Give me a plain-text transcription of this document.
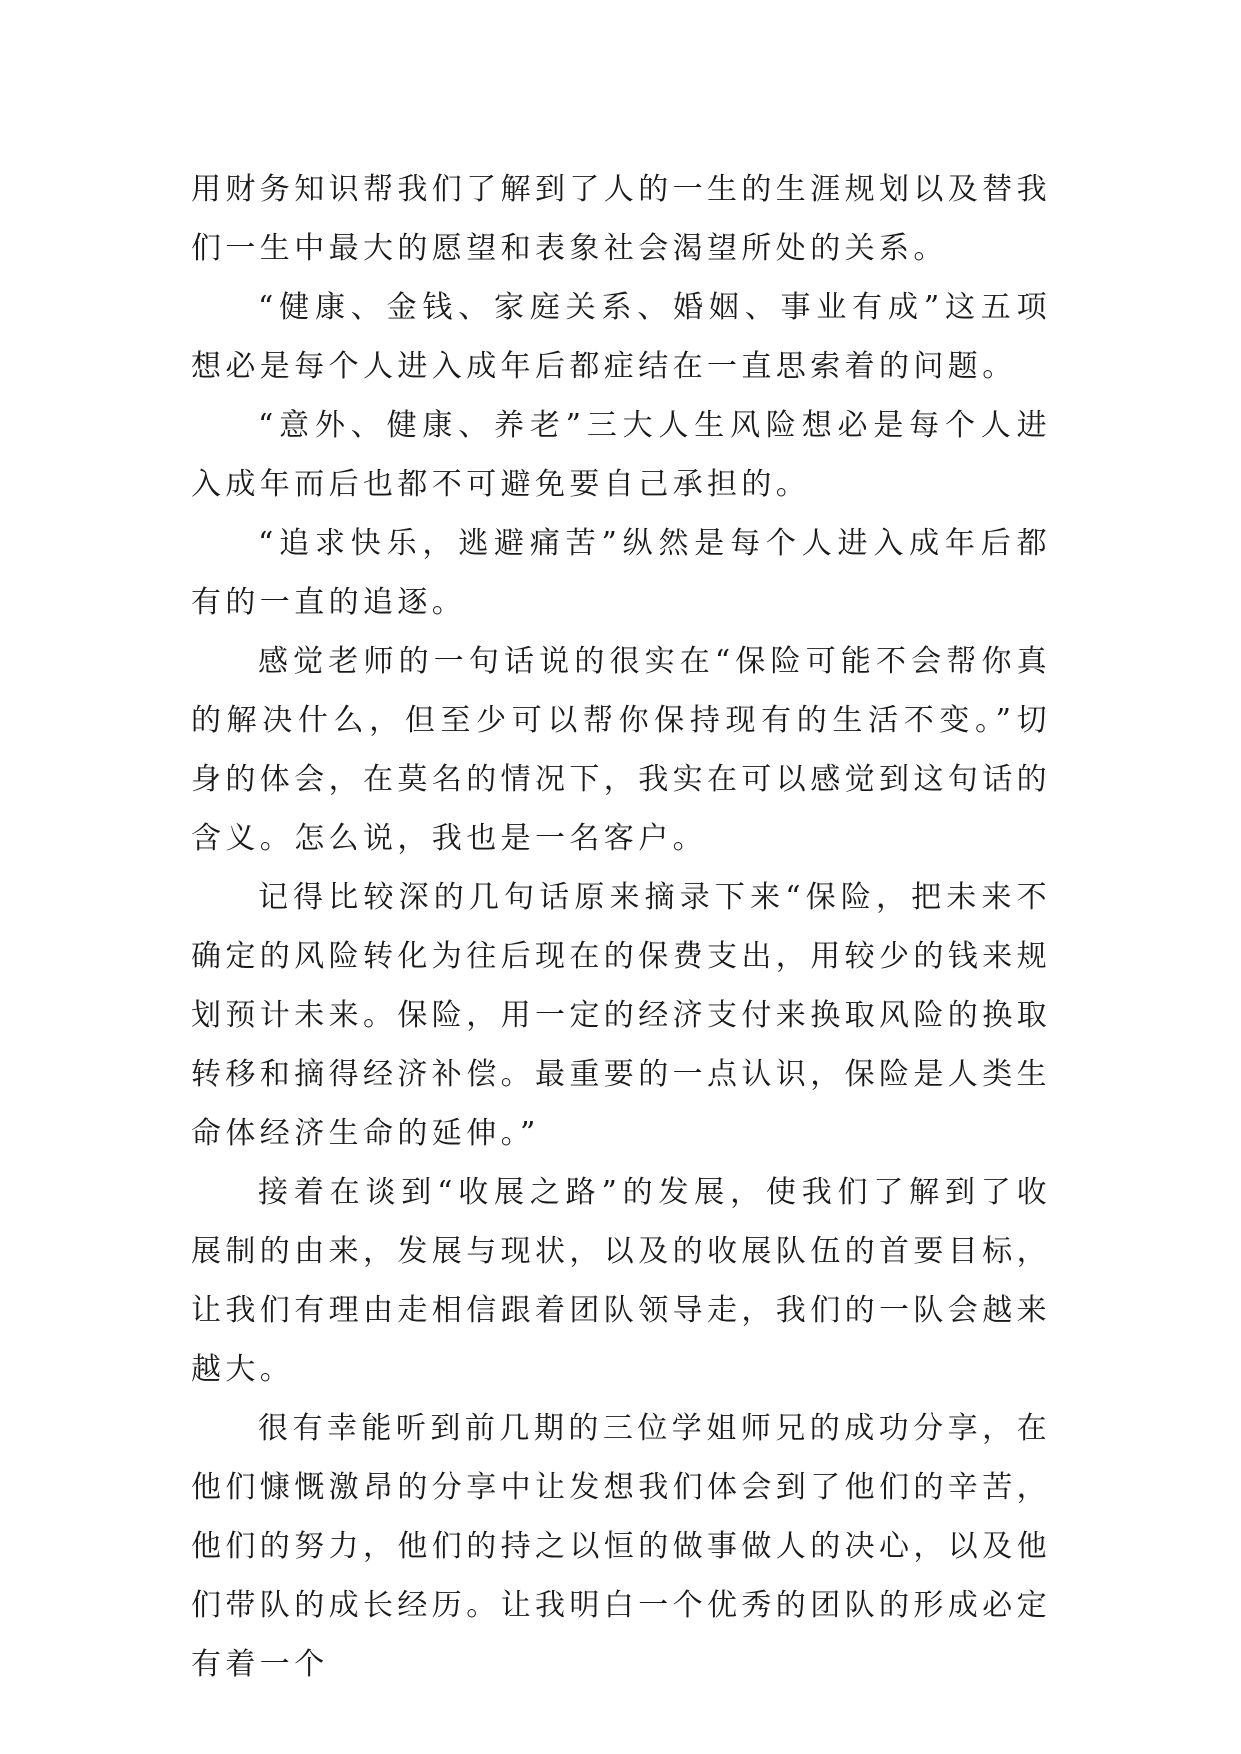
用财务知识帮我们了解到了人的一生的生涯规划以及替我们一生中最大的愿望和表象社会渴望所处的关系。

“健康、金钱、家庭关系、婚姻、事业有成”这五项想必是每个人进入成年后都症结在一直思索着的问题。

“意外、健康、养老”三大人生风险想必是每个人进入成年而后也都不可避免要自己承担的。

“追求快乐，逃避痛苦”纵然是每个人进入成年后都有的一直的追逐。

感觉老师的一句话说的很实在“保险可能不会帮你真的解决什么，但至少可以帮你保持现有的生活不变。”切身的体会，在莫名的情况下，我实在可以感觉到这句话的含义。怎么说，我也是一名客户。

记得比较深的几句话原来摘录下来“保险，把未来不确定的风险转化为往后现在的保费支出，用较少的钱来规划预计未来。保险，用一定的经济支付来换取风险的换取转移和摘得经济补偿。最重要的一点认识，保险是人类生命体经济生命的延伸。”

接着在谈到“收展之路”的发展，使我们了解到了收展制的由来，发展与现状，以及的收展队伍的首要目标，让我们有理由走相信跟着团队领导走，我们的一队会越来越大。

很有幸能听到前几期的三位学姐师兄的成功分享，在他们慷慨激昂的分享中让发想我们体会到了他们的辛苦，他们的努力，他们的持之以恒的做事做人的决心，以及他们带队的成长经历。让我明白一个优秀的团队的形成必定有着一个
